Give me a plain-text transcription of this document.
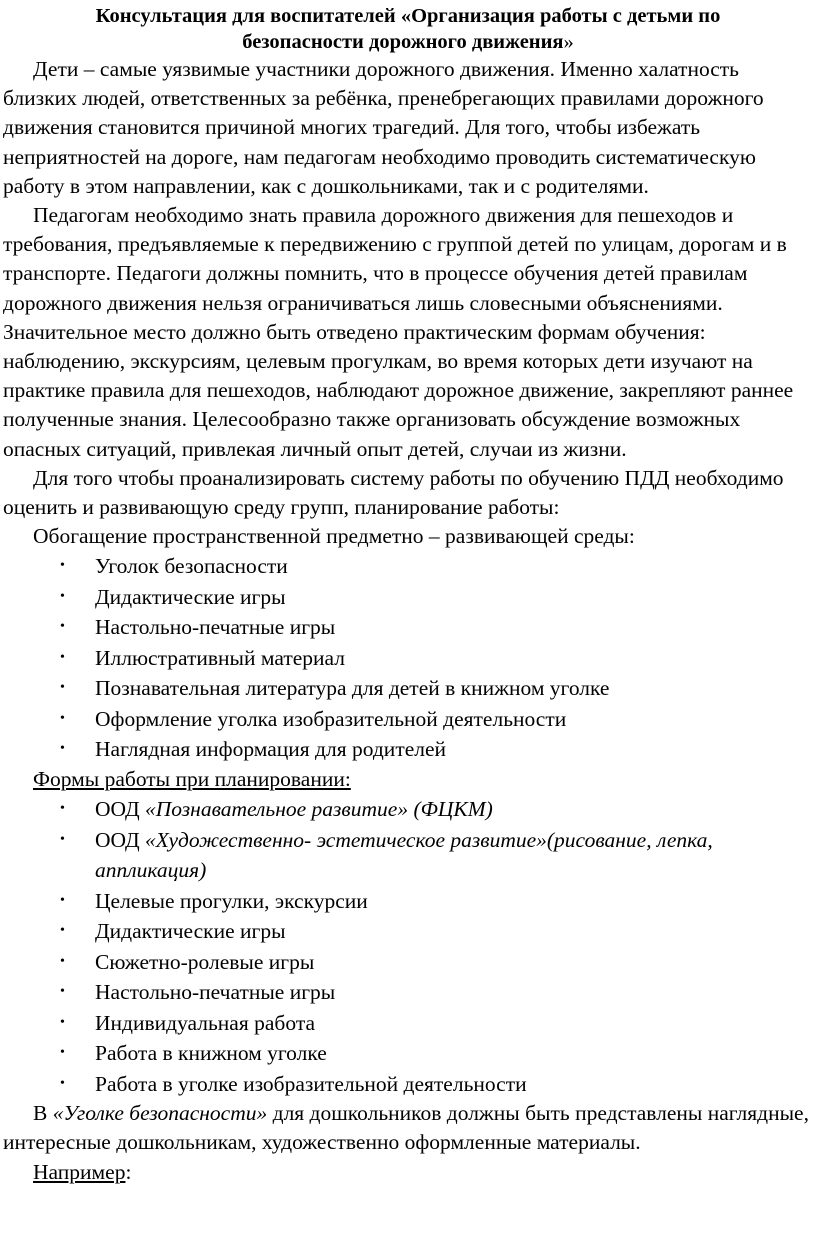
Консультация для воспитателей «Организация работы с детьми по
безопасности дорожного движения»

Дети – самые уязвимые участники дорожного движения. Именно халатность близких людей, ответственных за ребёнка, пренебрегающих правилами дорожного движения становится причиной многих трагедий. Для того, чтобы избежать неприятностей на дороге, нам педагогам необходимо проводить систематическую работу в этом направлении, как с дошкольниками, так и с родителями.

Педагогам необходимо знать правила дорожного движения для пешеходов и требования, предъявляемые к передвижению с группой детей по улицам, дорогам и в транспорте. Педагоги должны помнить, что в процессе обучения детей правилам дорожного движения нельзя ограничиваться лишь словесными объяснениями. Значительное место должно быть отведено практическим формам обучения: наблюдению, экскурсиям, целевым прогулкам, во время которых дети изучают на практике правила для пешеходов, наблюдают дорожное движение, закрепляют раннее полученные знания. Целесообразно также организовать обсуждение возможных опасных ситуаций, привлекая личный опыт детей, случаи из жизни.

Для того чтобы проанализировать систему работы по обучению ПДД необходимо оценить и развивающую среду групп, планирование работы:

Обогащение пространственной предметно – развивающей среды:

• Уголок безопасности
• Дидактические игры
• Настольно-печатные игры
• Иллюстративный материал
• Познавательная литература для детей в книжном уголке
• Оформление уголка изобразительной деятельности
• Наглядная информация для родителей

Формы работы при планировании:

• ООД «Познавательное развитие» (ФЦКМ)
• ООД «Художественно- эстетическое развитие»(рисование, лепка, аппликация)
• Целевые прогулки, экскурсии
• Дидактические игры
• Сюжетно-ролевые игры
• Настольно-печатные игры
• Индивидуальная работа
• Работа в книжном уголке
• Работа в уголке изобразительной деятельности

В «Уголке безопасности» для дошкольников должны быть представлены наглядные, интересные дошкольникам, художественно оформленные материалы.

Например:
